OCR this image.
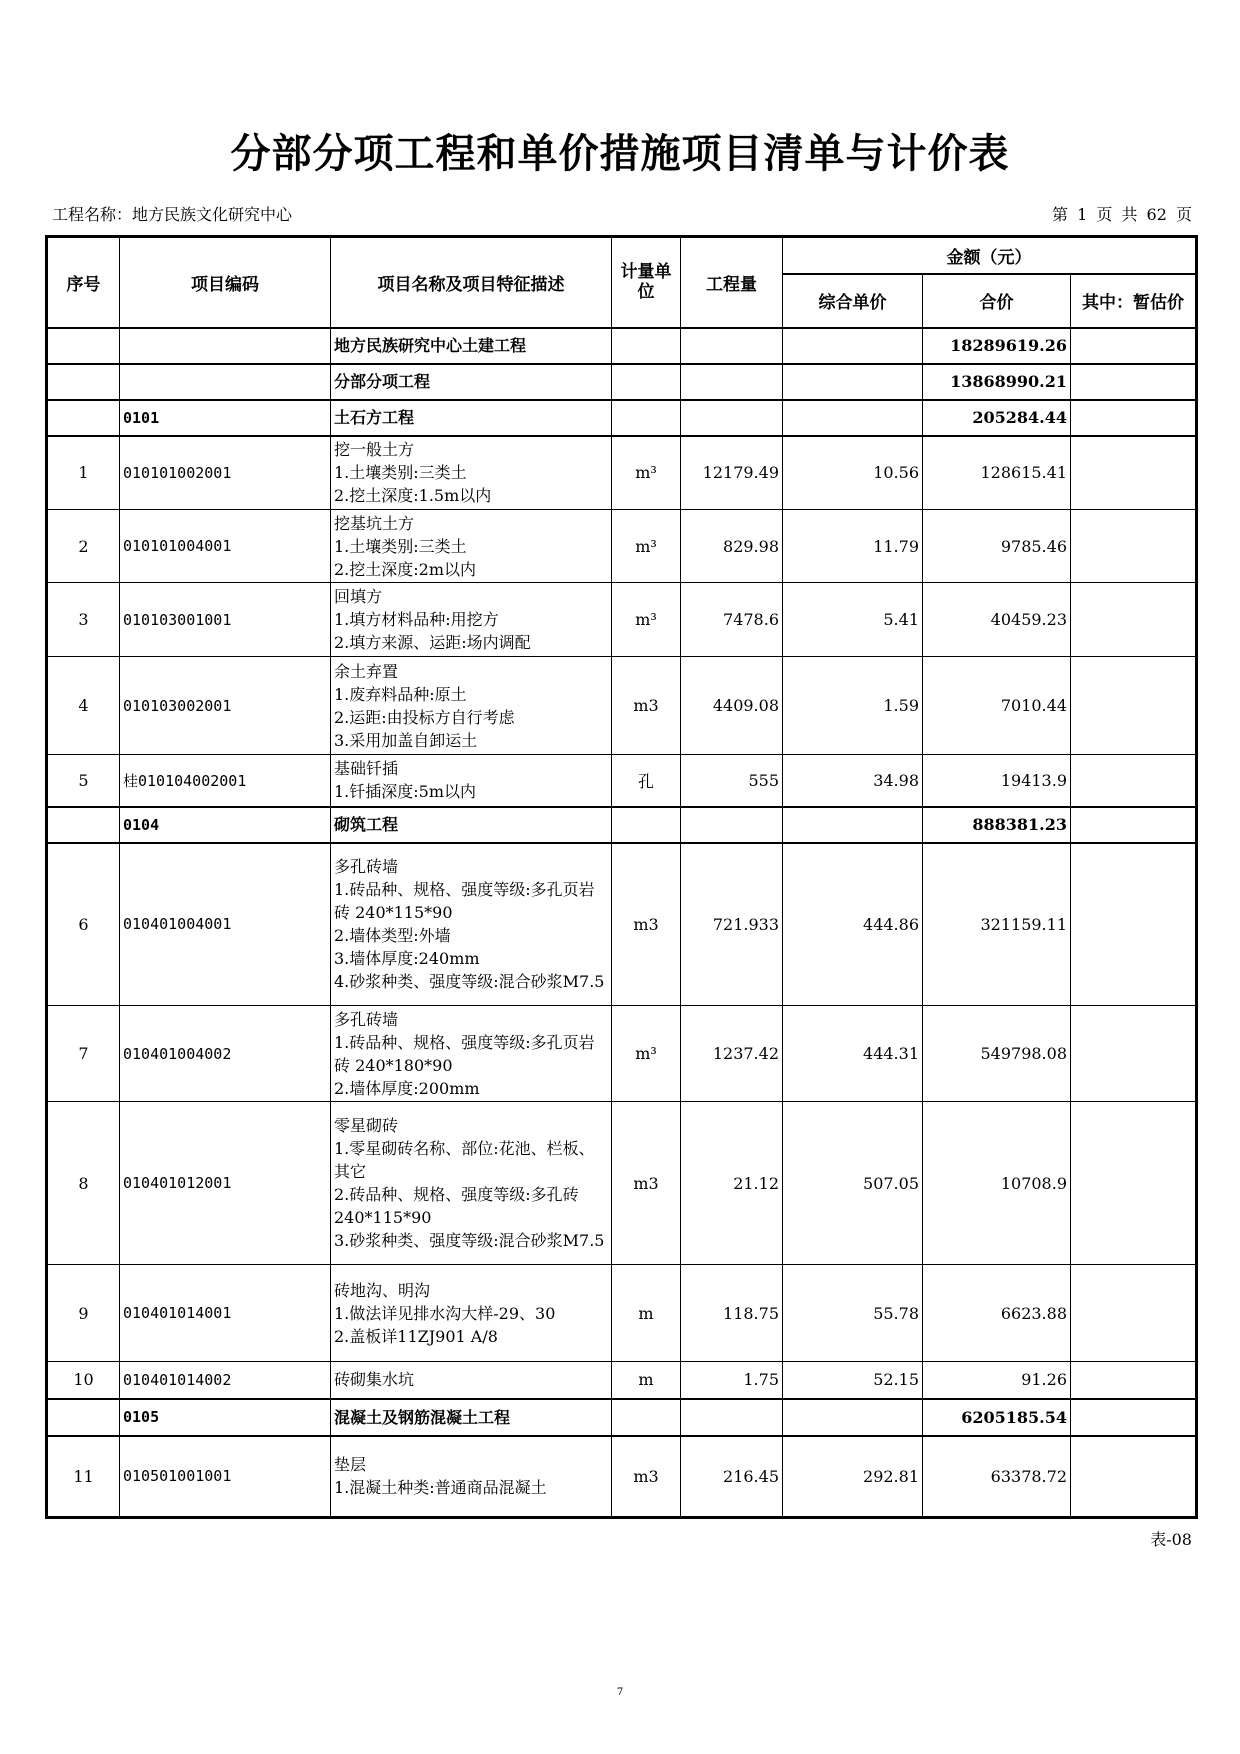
分部分项工程和单价措施项目清单与计价表
工程名称：地方民族文化研究中心	第 1 页 共 62 页
序号	项目编码	项目名称及项目特征描述	计量单位	工程量	金额（元）		
					综合单价	合价	其中：暂估价
		地方民族研究中心土建工程				18289619.26	
		分部分项工程				13868990.21	
	0101	土石方工程				205284.44	
1	010101002001	挖一般土方
1.土壤类别:三类土
2.挖土深度:1.5m以内	m³	12179.49	10.56	128615.41	
2	010101004001	挖基坑土方
1.土壤类别:三类土
2.挖土深度:2m以内	m³	829.98	11.79	9785.46	
3	010103001001	回填方
1.填方材料品种:用挖方
2.填方来源、运距:场内调配	m³	7478.6	5.41	40459.23	
4	010103002001	余土弃置
1.废弃料品种:原土
2.运距:由投标方自行考虑
3.采用加盖自卸运土	m3	4409.08	1.59	7010.44	
5	桂010104002001	基础钎插
1.钎插深度:5m以内	孔	555	34.98	19413.9	
	0104	砌筑工程				888381.23	
6	010401004001	多孔砖墙
1.砖品种、规格、强度等级:多孔页岩砖 240*115*90
2.墙体类型:外墙
3.墙体厚度:240mm
4.砂浆种类、强度等级:混合砂浆M7.5	m3	721.933	444.86	321159.11	
7	010401004002	多孔砖墙
1.砖品种、规格、强度等级:多孔页岩砖 240*180*90
2.墙体厚度:200mm	m³	1237.42	444.31	549798.08	
8	010401012001	零星砌砖
1.零星砌砖名称、部位:花池、栏板、其它
2.砖品种、规格、强度等级:多孔砖 240*115*90
3.砂浆种类、强度等级:混合砂浆M7.5	m3	21.12	507.05	10708.9	
9	010401014001	砖地沟、明沟
1.做法详见排水沟大样-29、30
2.盖板详11ZJ901 A/8	m	118.75	55.78	6623.88	
10	010401014002	砖砌集水坑	m	1.75	52.15	91.26	
	0105	混凝土及钢筋混凝土工程				6205185.54	
11	010501001001	垫层
1.混凝土种类:普通商品混凝土	m3	216.45	292.81	63378.72	
表-08
7
